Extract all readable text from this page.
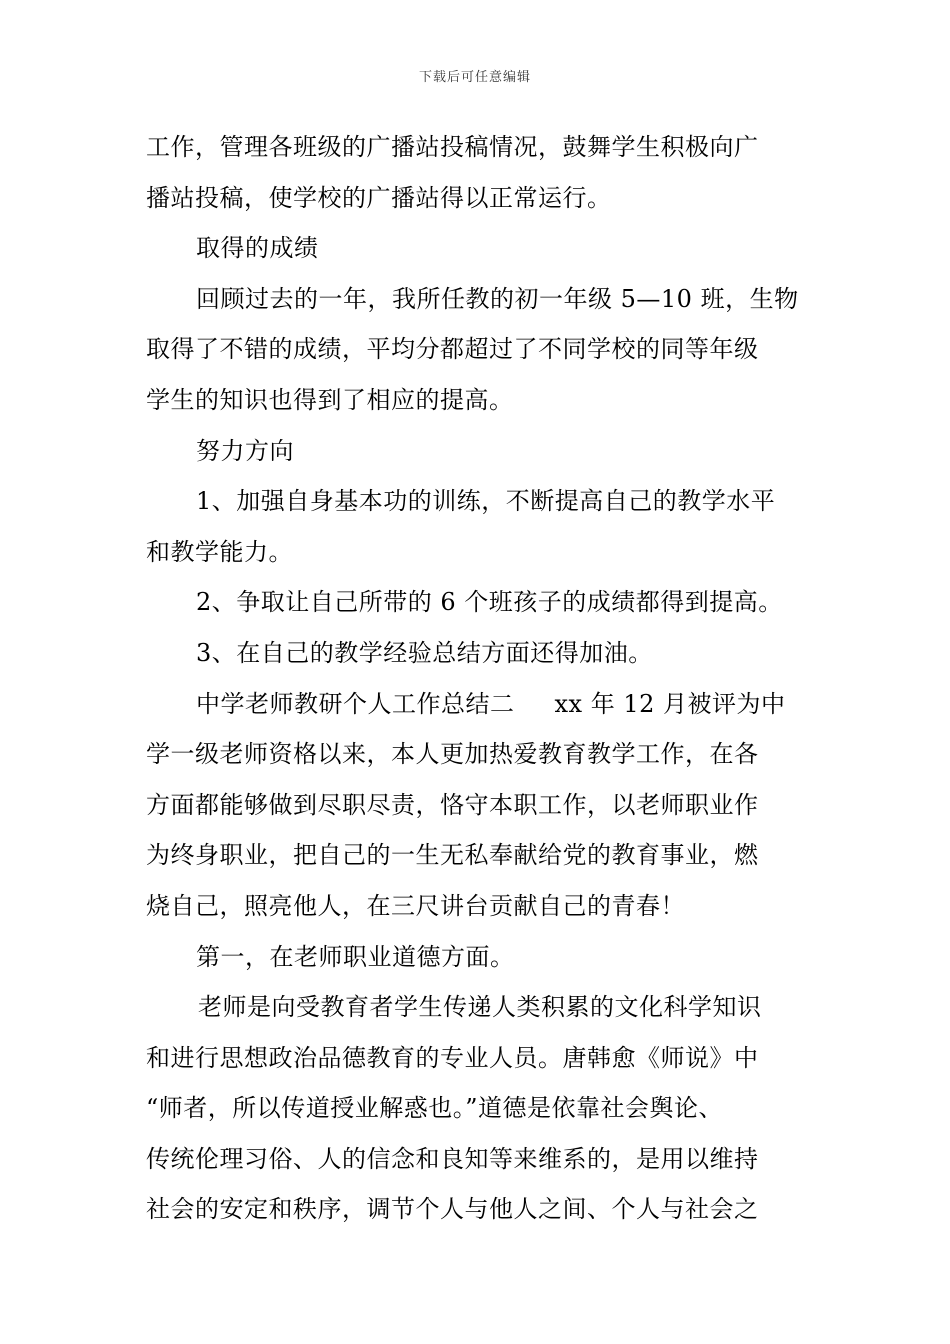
下载后可任意编辑
工作，管理各班级的广播站投稿情况，鼓舞学生积极向广
播站投稿，使学校的广播站得以正常运行。
取得的成绩
回顾过去的一年，我所任教的初一年级 5—10 班，生物
取得了不错的成绩，平均分都超过了不同学校的同等年级
学生的知识也得到了相应的提高。
努力方向
1、加强自身基本功的训练，不断提高自己的教学水平
和教学能力。
2、争取让自己所带的 6 个班孩子的成绩都得到提高。
3、在自己的教学经验总结方面还得加油。
中学老师教研个人工作总结二 xx 年 12 月被评为中
学一级老师资格以来，本人更加热爱教育教学工作，在各
方面都能够做到尽职尽责，恪守本职工作，以老师职业作
为终身职业，把自己的一生无私奉献给党的教育事业，燃
烧自己，照亮他人，在三尺讲台贡献自己的青春！
第一，在老师职业道德方面。
老师是向受教育者学生传递人类积累的文化科学知识
和进行思想政治品德教育的专业人员。唐韩愈《师说》中
“师者，所以传道授业解惑也。”道德是依靠社会舆论、
传统伦理习俗、人的信念和良知等来维系的，是用以维持
社会的安定和秩序，调节个人与他人之间、个人与社会之
